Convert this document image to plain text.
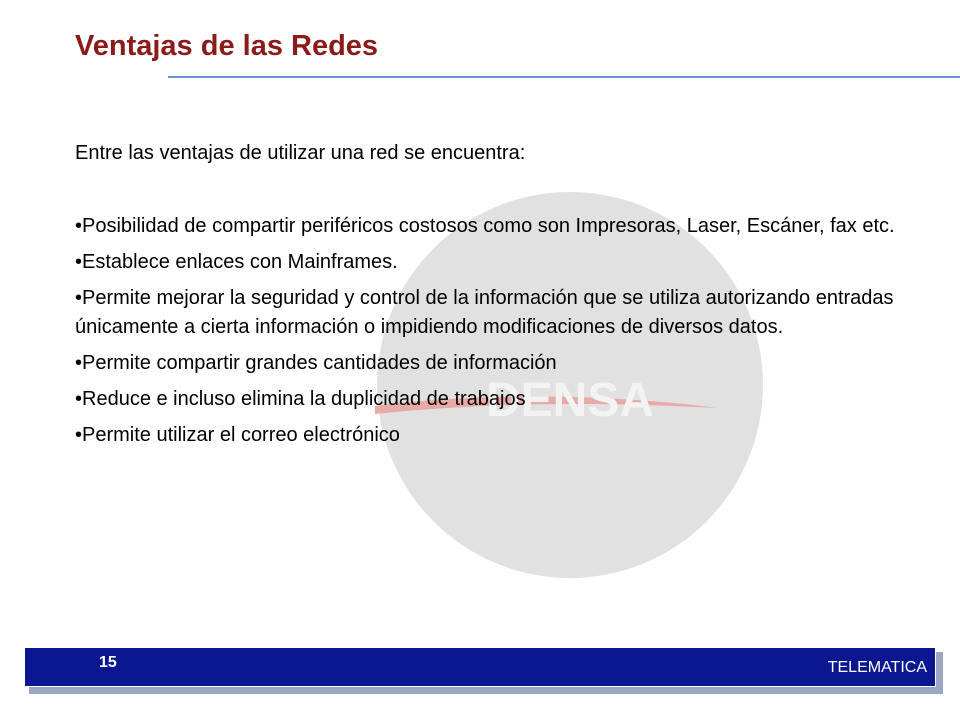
Ventajas de las Redes
DENSA

Entre las ventajas de utilizar una red se encuentra:

•Posibilidad de compartir periféricos costosos como son Impresoras, Laser, Escáner, fax etc.

•Establece enlaces con Mainframes.

•Permite mejorar la seguridad y control de la información que se utiliza autorizando entradas únicamente a cierta información o impidiendo modificaciones de diversos datos.

•Permite compartir grandes cantidades de información

•Reduce e incluso elimina la duplicidad de trabajos

•Permite utilizar el correo electrónico

15	TELEMATICA
